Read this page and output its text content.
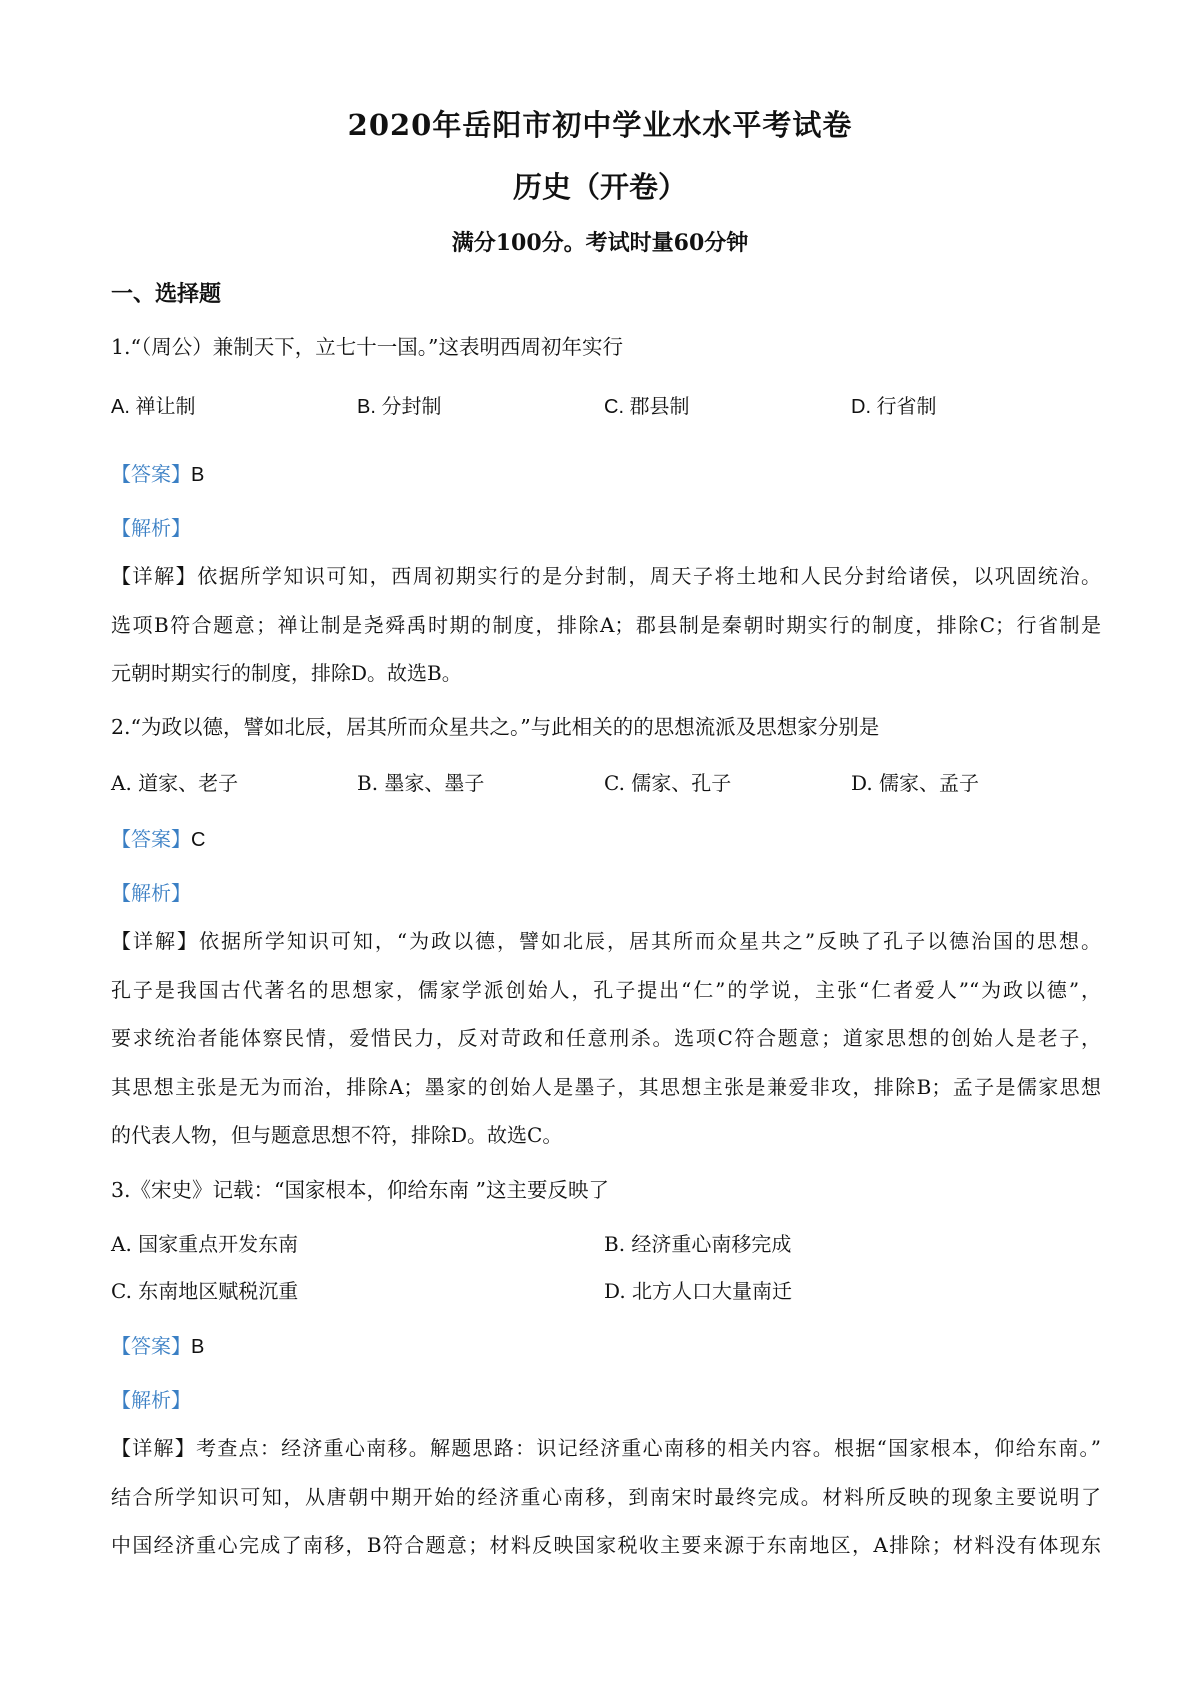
2020年岳阳市初中学业水水平考试卷
历史（开卷）
满分100分。考试时量60分钟
一、选择题
1.“（周公）兼制天下，立七十一国。”这表明西周初年实行
A. 禅让制	B. 分封制	C. 郡县制	D. 行省制
【答案】B
【解析】
【详解】依据所学知识可知，西周初期实行的是分封制，周天子将土地和人民分封给诸侯，以巩固统治。
选项B符合题意；禅让制是尧舜禹时期的制度，排除A；郡县制是秦朝时期实行的制度，排除C；行省制是
元朝时期实行的制度，排除D。故选B。
2.“为政以德，譬如北辰，居其所而众星共之。”与此相关的的思想流派及思想家分别是
A. 道家、老子	B. 墨家、墨子	C. 儒家、孔子	D. 儒家、孟子
【答案】C
【解析】
【详解】依据所学知识可知，“为政以德，譬如北辰，居其所而众星共之”反映了孔子以德治国的思想。
孔子是我国古代著名的思想家，儒家学派创始人，孔子提出“仁”的学说，主张“仁者爱人”“为政以德”，
要求统治者能体察民情，爱惜民力，反对苛政和任意刑杀。选项C符合题意；道家思想的创始人是老子，
其思想主张是无为而治，排除A；墨家的创始人是墨子，其思想主张是兼爱非攻，排除B；孟子是儒家思想
的代表人物，但与题意思想不符，排除D。故选C。
3.《宋史》记载：“国家根本，仰给东南 ”这主要反映了
A. 国家重点开发东南	B. 经济重心南移完成
C. 东南地区赋税沉重	D. 北方人口大量南迁
【答案】B
【解析】
【详解】考查点：经济重心南移。解题思路：识记经济重心南移的相关内容。根据“国家根本，仰给东南。”
结合所学知识可知，从唐朝中期开始的经济重心南移，到南宋时最终完成。材料所反映的现象主要说明了
中国经济重心完成了南移，B符合题意；材料反映国家税收主要来源于东南地区，A排除；材料没有体现东
